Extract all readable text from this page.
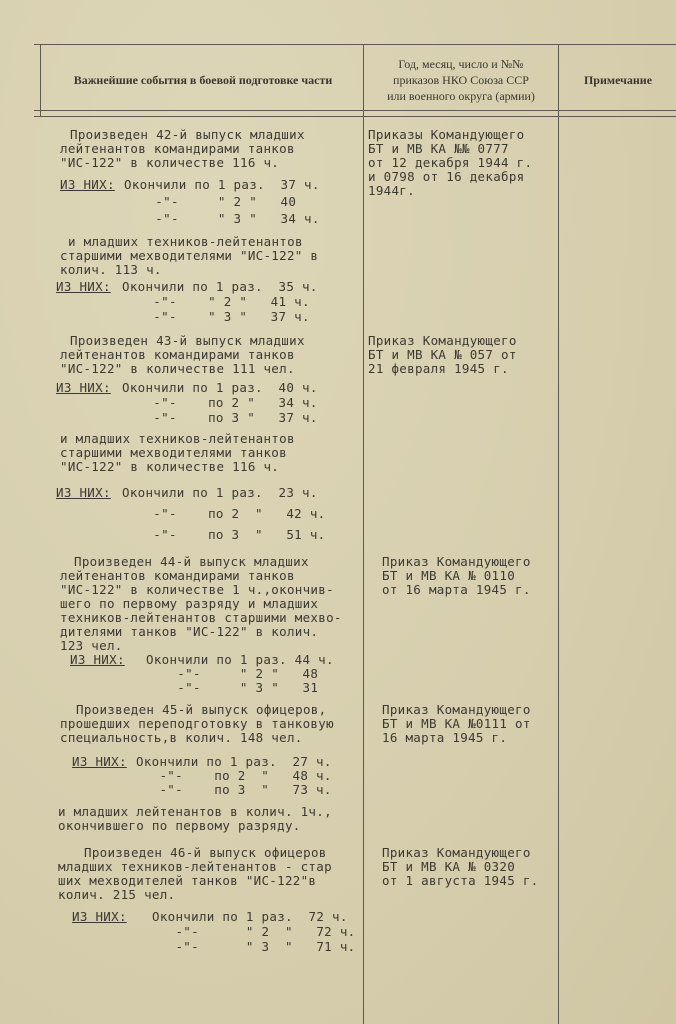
Важнейшие события в боевой подготовке части
Год, месяц, число и №№
приказов НКО Союза ССР
или военного округа (армии)
Примечание
Произведен 42-й выпуск младших
лейтенантов командирами танков
"ИС-122" в количестве 116 ч.
ИЗ НИХ: Окончили по 1 раз.  37 ч.
-"-     " 2 "   40
-"-     " 3 "   34 ч.
и младших техников-лейтенантов
старшими мехводителями "ИС-122" в
колич. 113 ч.
ИЗ НИХ: Окончили по 1 раз.  35 ч.
-"-    " 2 "   41 ч.
-"-    " 3 "   37 ч.
Приказы Командующего
БТ и МВ КА №№ 0777
от 12 декабря 1944 г.
и 0798 от 16 декабря
1944г.
Произведен 43-й выпуск младших
лейтенантов командирами танков
"ИС-122" в количестве 111 чел.
ИЗ НИХ: Окончили по 1 раз.  40 ч.
-"-    по 2 "   34 ч.
-"-    по 3 "   37 ч.
и младших техников-лейтенантов
старшими мехводителями танков
"ИС-122" в количестве 116 ч.
ИЗ НИХ: Окончили по 1 раз.  23 ч.
-"-    по 2  "   42 ч.
-"-    по 3  "   51 ч.
Приказ Командующего
БТ и МВ КА № 057 от
21 февраля 1945 г.
Произведен 44-й выпуск младших
лейтенантов командирами танков
"ИС-122" в количестве 1 ч.,окончив-
шего по первому разряду и младших
техников-лейтенантов старшими мехво-
дителями танков "ИС-122" в колич.
123 чел.
ИЗ НИХ: Окончили по 1 раз. 44 ч.
-"-     " 2 "   48
-"-     " 3 "   31
Приказ Командующего
БТ и МВ КА № 0110
от 16 марта 1945 г.
Произведен 45-й выпуск офицеров,
прошедших переподготовку в танковую
специальность,в колич. 148 чел.
ИЗ НИХ: Окончили по 1 раз.  27 ч.
-"-    по 2  "   48 ч.
-"-    по 3  "   73 ч.
и младших лейтенантов в колич. 1ч.,
окончившего по первому разряду.
Приказ Командующего
БТ и МВ КА №0111 от
16 марта 1945 г.
Произведен 46-й выпуск офицеров
младших техников-лейтенантов - стар
ших мехводителей танков "ИС-122"в
колич. 215 чел.
ИЗ НИХ: Окончили по 1 раз.  72 ч.
-"-      " 2  "   72 ч.
-"-      " 3  "   71 ч.
Приказ Командующего
БТ и МВ КА № 0320
от 1 августа 1945 г.
